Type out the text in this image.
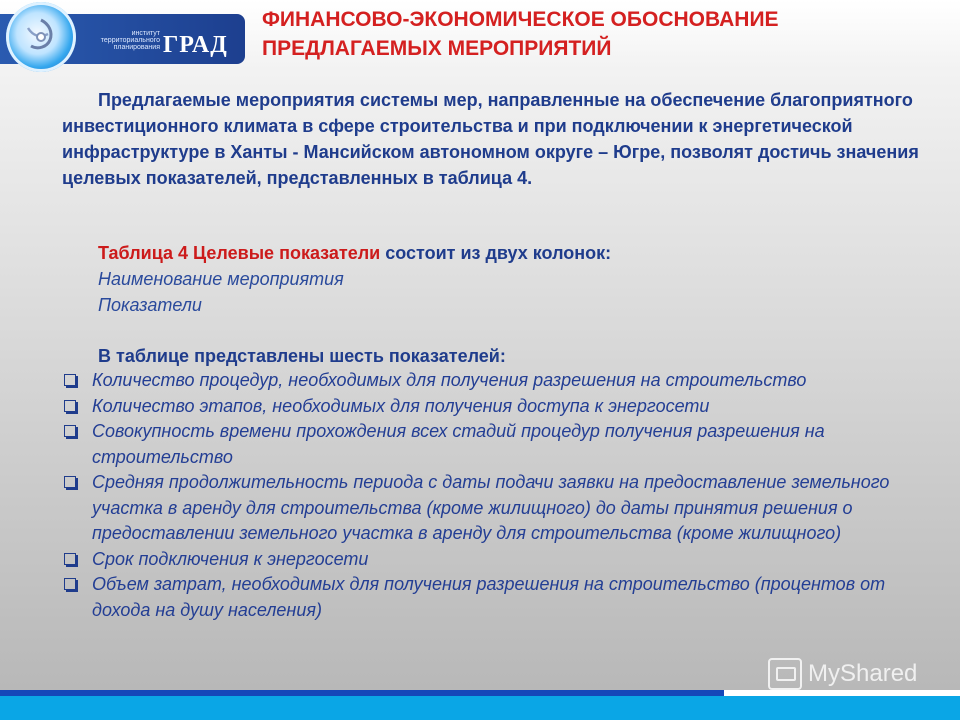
институт
территориального
планирования ГРАД
ФИНАНСОВО-ЭКОНОМИЧЕСКОЕ ОБОСНОВАНИЕ
ПРЕДЛАГАЕМЫХ МЕРОПРИЯТИЙ
Предлагаемые мероприятия системы мер, направленные на обеспечение благоприятного инвестиционного климата в сфере строительства и при подключении к энергетической инфраструктуре в Ханты - Мансийском автономном округе – Югре, позволят достичь значения целевых показателей, представленных в таблица 4.
Таблица 4 Целевые показатели состоит из двух колонок:
Наименование мероприятия
Показатели
В таблице представлены шесть показателей:
Количество процедур, необходимых для получения разрешения на строительство
Количество этапов, необходимых для получения доступа к энергосети
Совокупность времени прохождения всех стадий процедур получения разрешения на строительство
Средняя продолжительность периода с даты подачи заявки на предоставление земельного участка в аренду для строительства (кроме жилищного) до даты принятия решения о предоставлении земельного участка в аренду для строительства (кроме жилищного)
Срок подключения к энергосети
Объем затрат, необходимых для получения разрешения на строительство (процентов от дохода на душу населения)
MyShared
